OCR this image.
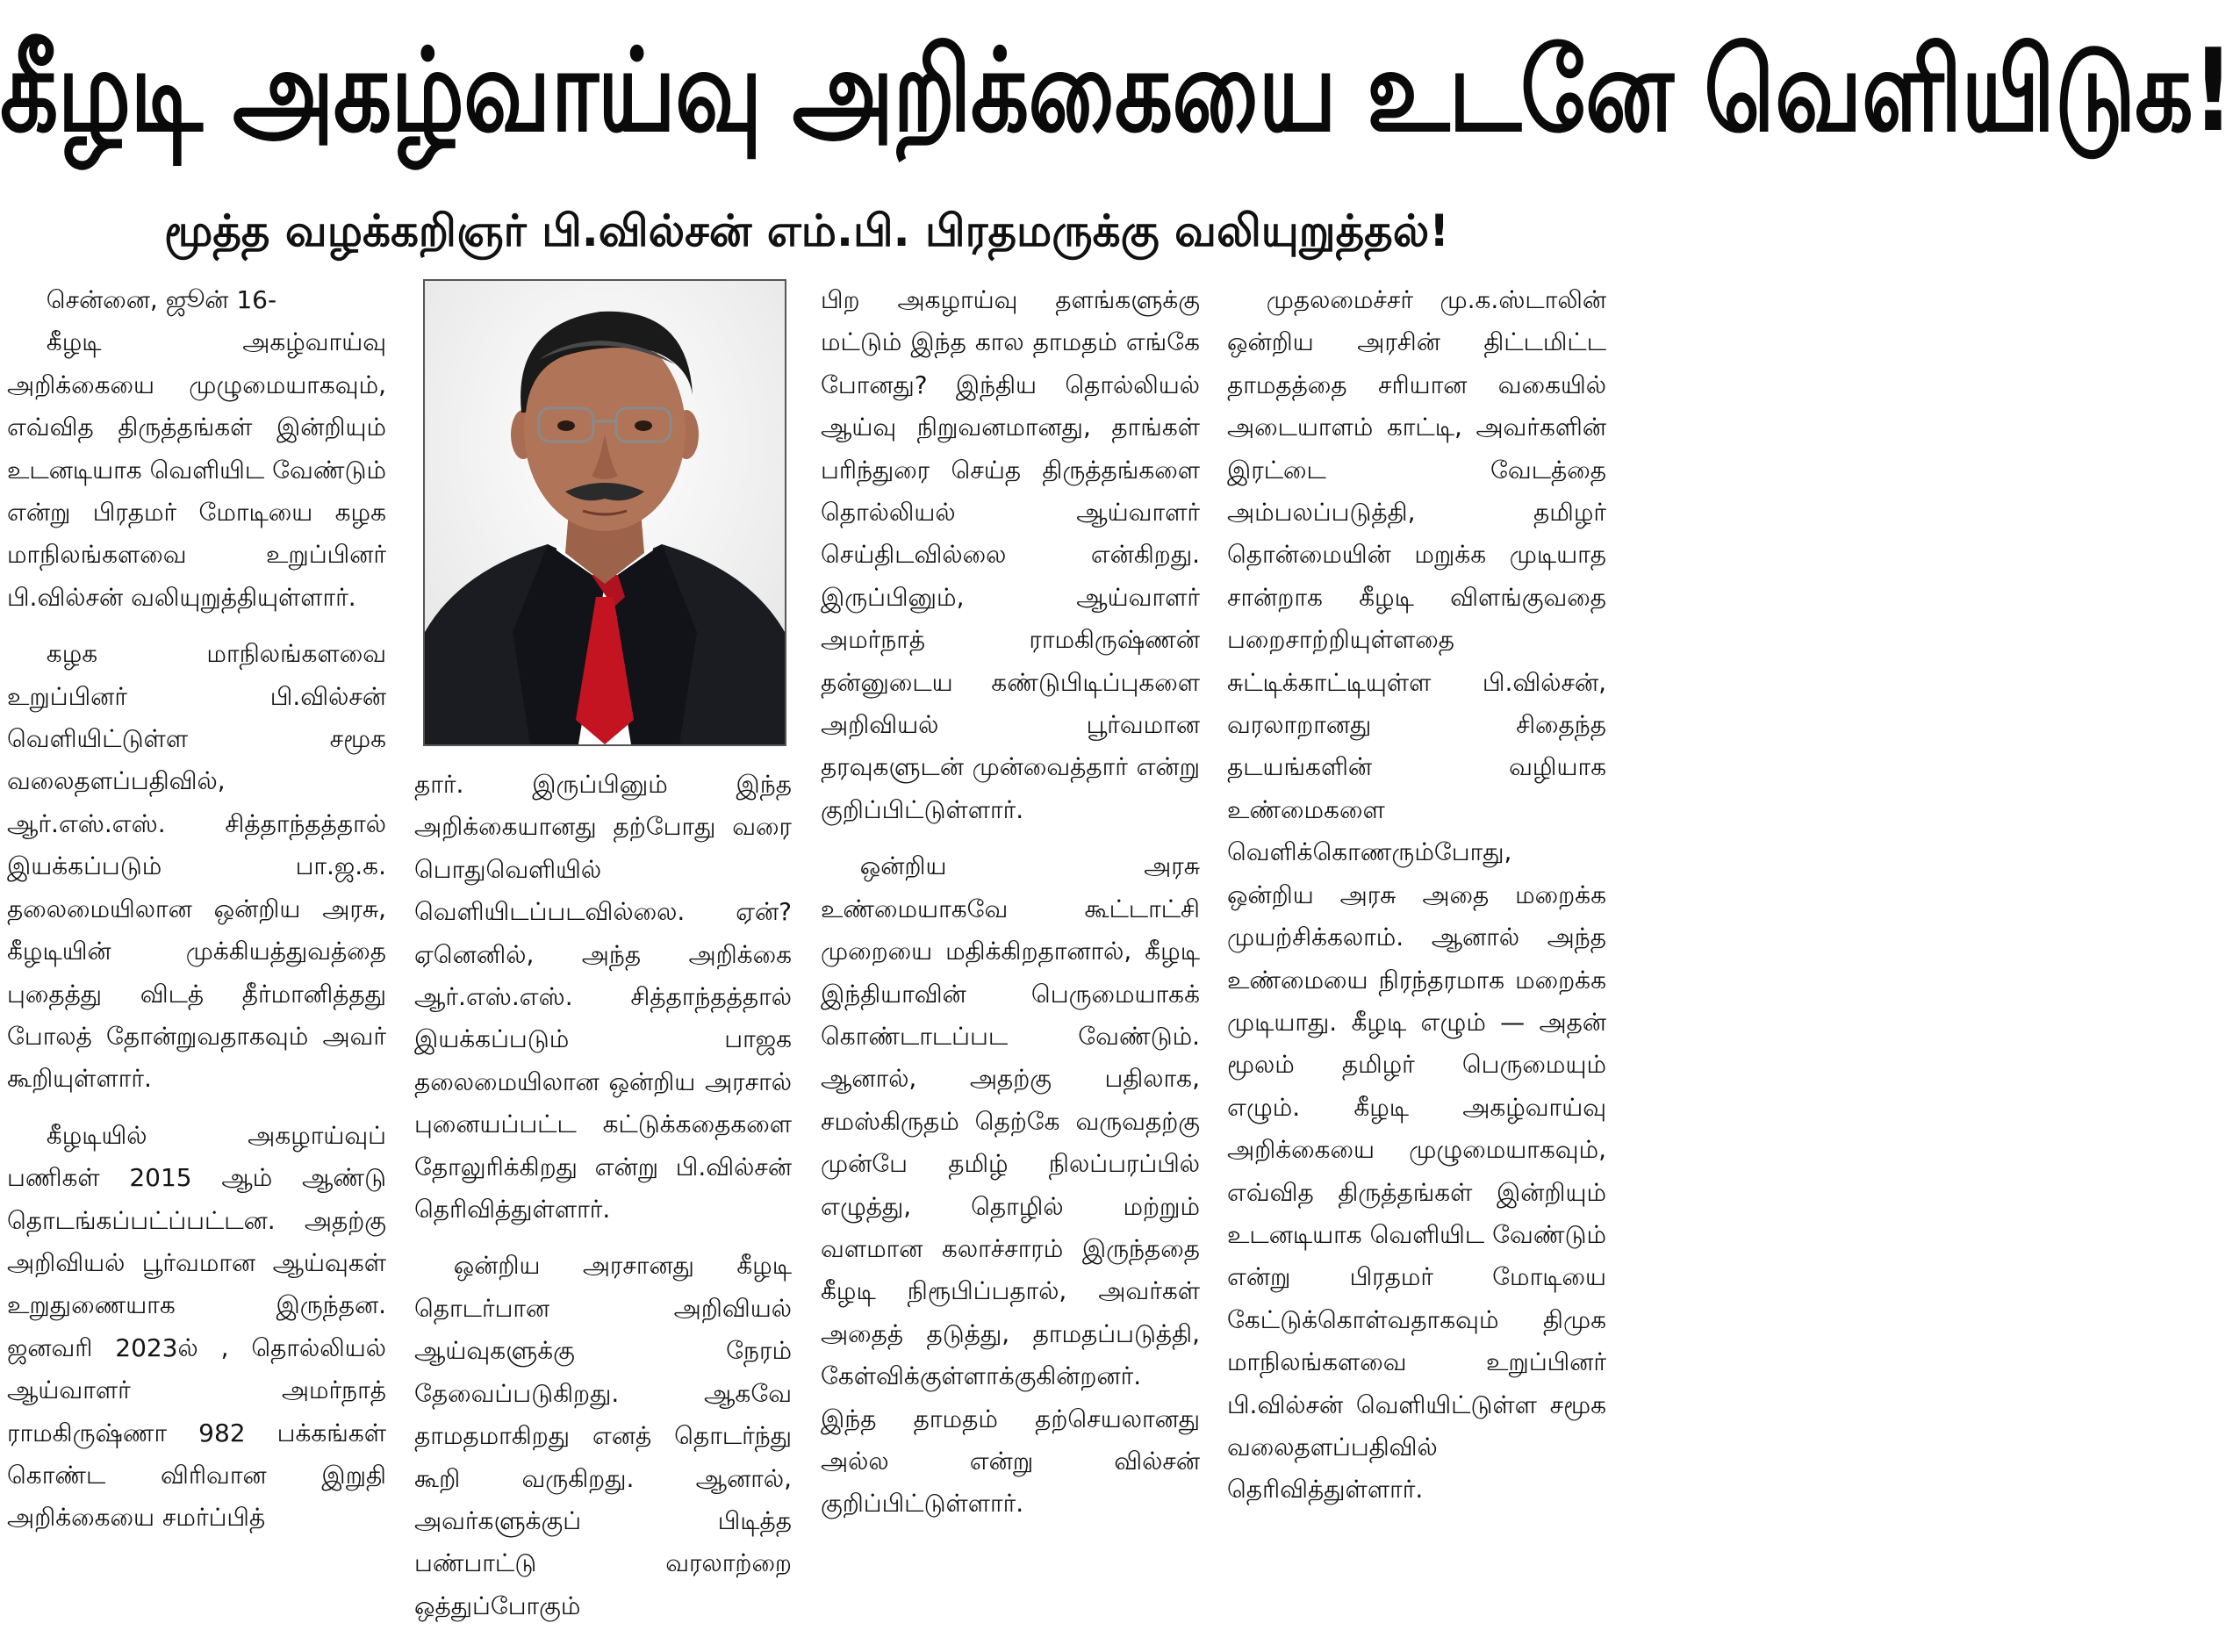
கீழடி அகழ்வாய்வு அறிக்கையை உடனே வெளியிடுக!
மூத்த வழக்கறிஞர் பி.வில்சன் எம்.பி. பிரதமருக்கு வலியுறுத்தல்!

சென்னை, ஜூன் 16-

கீழடி அகழ்வாய்வு அறிக்கையை முழுமையாகவும், எவ்வித திருத்தங்கள் இன்றியும் உடனடியாக வெளியிட வேண்டும் என்று பிரதமர் மோடியை கழக மாநிலங்களவை உறுப்பினர் பி.வில்சன் வலியுறுத்தியுள்ளார்.

கழக மாநிலங்களவை உறுப்பினர் பி.வில்சன் வெளியிட்டுள்ள சமூக வலைதளப்பதிவில், ஆர்.எஸ்.எஸ். சித்தாந்தத்தால் இயக்கப்படும் பா.ஜ.க. தலைமையிலான ஒன்றிய அரசு, கீழடியின் முக்கியத்துவத்தை புதைத்து விடத் தீர்மானித்தது போலத் தோன்றுவதாகவும் அவர் கூறியுள்ளார்.

கீழடியில் அகழாய்வுப் பணிகள் 2015 ஆம் ஆண்டு தொடங்கப்பட்ப்பட்டன. அதற்கு அறிவியல் பூர்வமான ஆய்வுகள் உறுதுணையாக இருந்தன. ஜனவரி 2023ல் , தொல்லியல் ஆய்வாளர் அமர்நாத் ராமகிருஷ்ணா 982 பக்கங்கள் கொண்ட விரிவான இறுதி அறிக்கையை சமர்ப்பித்

தார். இருப்பினும் இந்த அறிக்கையானது தற்போது வரை பொதுவெளியில் வெளியிடப்படவில்லை. ஏன்? ஏனெனில், அந்த அறிக்கை ஆர்.எஸ்.எஸ். சித்தாந்தத்தால் இயக்கப்படும் பாஜக தலைமையிலான ஒன்றிய அரசால் புனையப்பட்ட கட்டுக்கதைகளை தோலுரிக்கிறது என்று பி.வில்சன் தெரிவித்துள்ளார்.

ஒன்றிய அரசானது கீழடி தொடர்பான அறிவியல் ஆய்வுகளுக்கு நேரம் தேவைப்படுகிறது. ஆகவே தாமதமாகிறது எனத் தொடர்ந்து கூறி வருகிறது. ஆனால், அவர்களுக்குப் பிடித்த பண்பாட்டு வரலாற்றை ஒத்துப்போகும்

பிற அகழாய்வு தளங்களுக்கு மட்டும் இந்த கால தாமதம் எங்கே போனது? இந்திய தொல்லியல் ஆய்வு நிறுவனமானது, தாங்கள் பரிந்துரை செய்த திருத்தங்களை தொல்லியல் ஆய்வாளர் செய்திடவில்லை என்கிறது. இருப்பினும், ஆய்வாளர் அமர்நாத் ராமகிருஷ்ணன் தன்னுடைய கண்டுபிடிப்புகளை அறிவியல் பூர்வமான தரவுகளுடன் முன்வைத்தார் என்று குறிப்பிட்டுள்ளார்.

ஒன்றிய அரசு உண்மையாகவே கூட்டாட்சி முறையை மதிக்கிறதானால், கீழடி இந்தியாவின் பெருமையாகக் கொண்டாடப்பட வேண்டும். ஆனால், அதற்கு பதிலாக, சமஸ்கிருதம் தெற்கே வருவதற்கு முன்பே தமிழ் நிலப்பரப்பில் எழுத்து, தொழில் மற்றும் வளமான கலாச்சாரம் இருந்ததை கீழடி நிரூபிப்பதால், அவர்கள் அதைத் தடுத்து, தாமதப்படுத்தி, கேள்விக்குள்ளாக்குகின்றனர். இந்த தாமதம் தற்செயலானது அல்ல என்று வில்சன் குறிப்பிட்டுள்ளார்.

முதலமைச்சர் மு.க.ஸ்டாலின் ஒன்றிய அரசின் திட்டமிட்ட தாமதத்தை சரியான வகையில் அடையாளம் காட்டி, அவர்களின் இரட்டை வேடத்தை அம்பலப்படுத்தி, தமிழர் தொன்மையின் மறுக்க முடியாத சான்றாக கீழடி விளங்குவதை பறைசாற்றியுள்ளதை சுட்டிக்காட்டியுள்ள பி.வில்சன், வரலாறானது சிதைந்த தடயங்களின் வழியாக உண்மைகளை வெளிக்கொணரும்போது, ஒன்றிய அரசு அதை மறைக்க முயற்சிக்கலாம். ஆனால் அந்த உண்மையை நிரந்தரமாக மறைக்க முடியாது. கீழடி எழும் — அதன் மூலம் தமிழர் பெருமையும் எழும். கீழடி அகழ்வாய்வு அறிக்கையை முழுமையாகவும், எவ்வித திருத்தங்கள் இன்றியும் உடனடியாக வெளியிட வேண்டும் என்று பிரதமர் மோடியை கேட்டுக்கொள்வதாகவும் திமுக மாநிலங்களவை உறுப்பினர் பி.வில்சன் வெளியிட்டுள்ள சமூக வலைதளப்பதிவில் தெரிவித்துள்ளார்.
